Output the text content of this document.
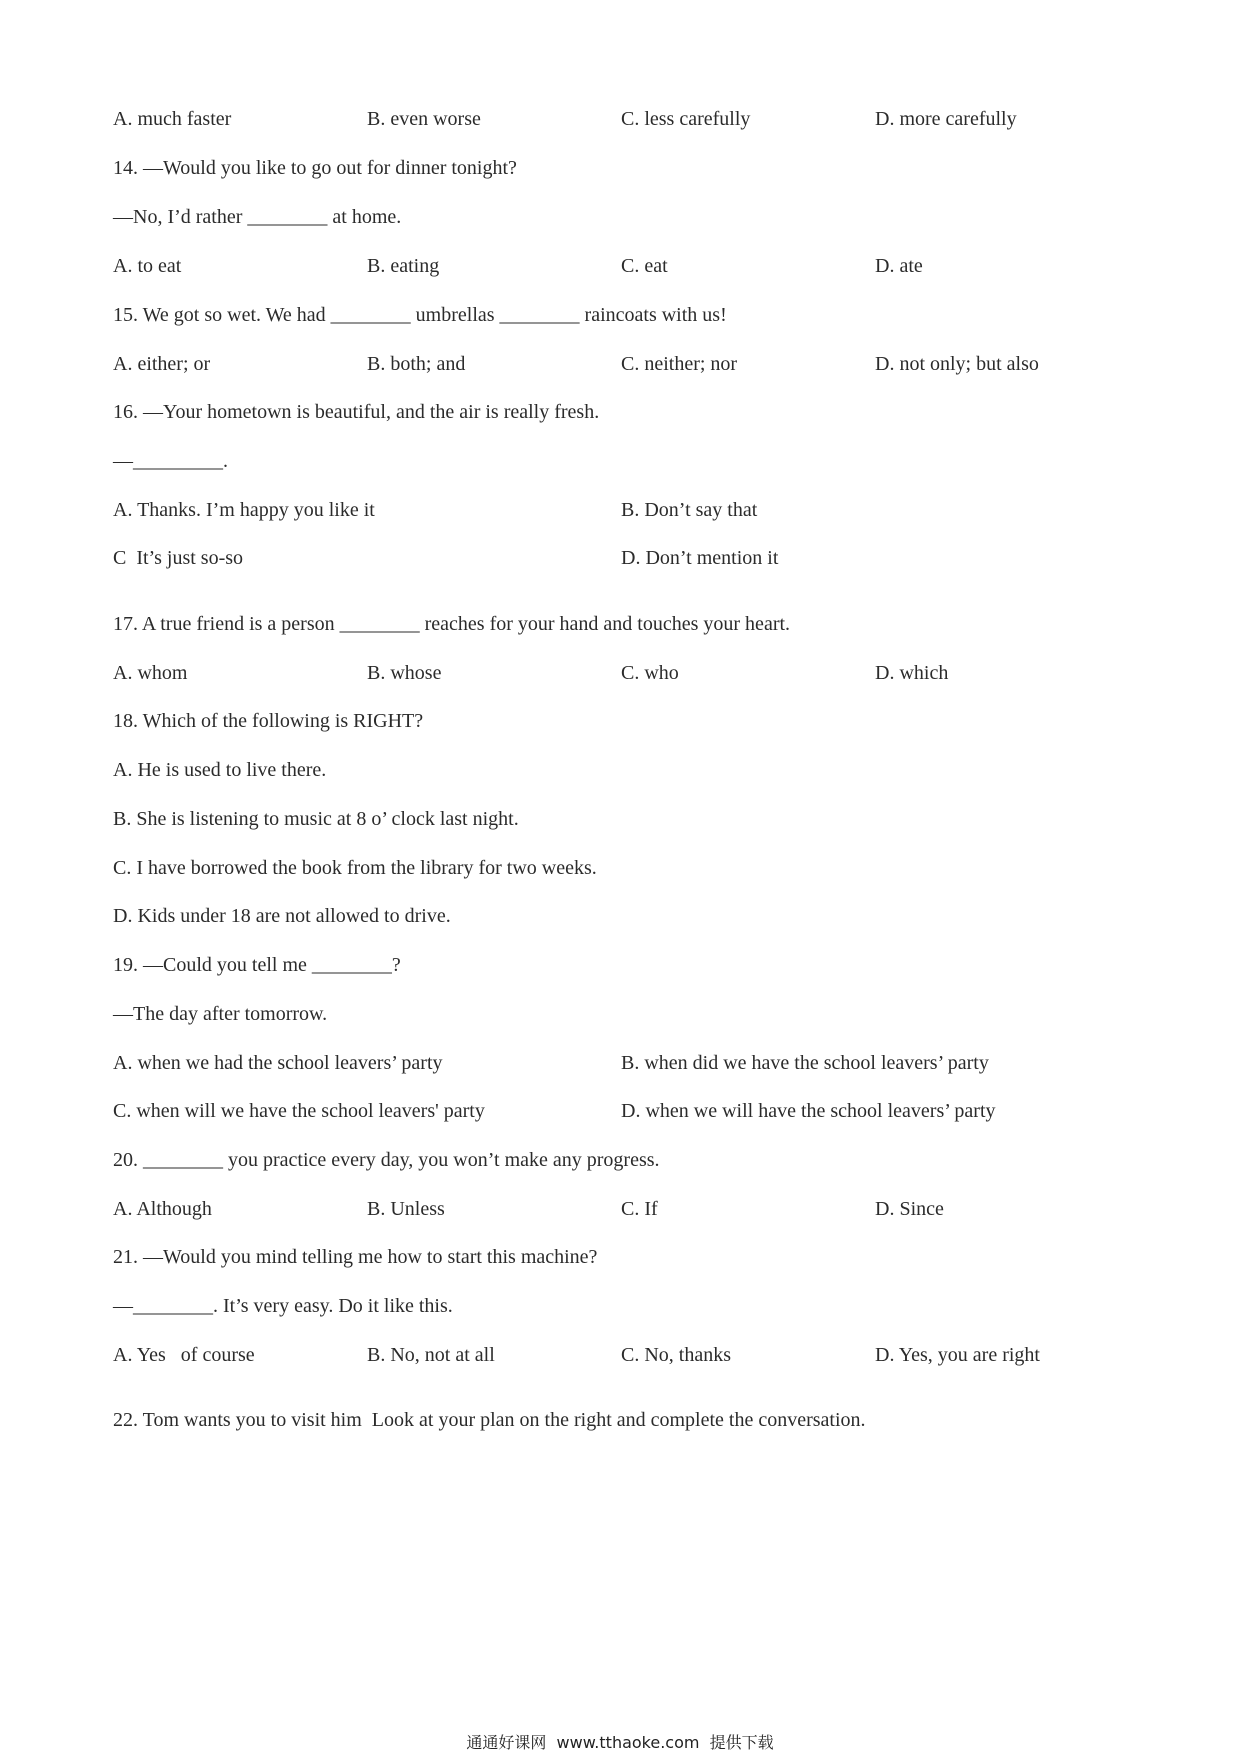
A. much faster	B. even worse	C. less carefully	D. more carefully
14. —Would you like to go out for dinner tonight?
—No, I’d rather ________ at home.
A. to eat	B. eating	C. eat	D. ate
15. We got so wet. We had ________ umbrellas ________ raincoats with us!
A. either; or	B. both; and	C. neither; nor	D. not only; but also
16. —Your hometown is beautiful, and the air is really fresh.
—_________.
A. Thanks. I’m happy you like it	B. Don’t say that
C  It’s just so-so	D. Don’t mention it
17. A true friend is a person ________ reaches for your hand and touches your heart.
A. whom	B. whose	C. who	D. which
18. Which of the following is RIGHT?
A. He is used to live there.
B. She is listening to music at 8 o’ clock last night.
C. I have borrowed the book from the library for two weeks.
D. Kids under 18 are not allowed to drive.
19. —Could you tell me ________?
—The day after tomorrow.
A. when we had the school leavers’ party	B. when did we have the school leavers’ party
C. when will we have the school leavers' party	D. when we will have the school leavers’ party
20. ________ you practice every day, you won’t make any progress.
A. Although	B. Unless	C. If	D. Since
21. —Would you mind telling me how to start this machine?
—________. It’s very easy. Do it like this.
A. Yes   of course	B. No, not at all	C. No, thanks	D. Yes, you are right
22. Tom wants you to visit him  Look at your plan on the right and complete the conversation.
通通好课网  www.tthaoke.com  提供下载
